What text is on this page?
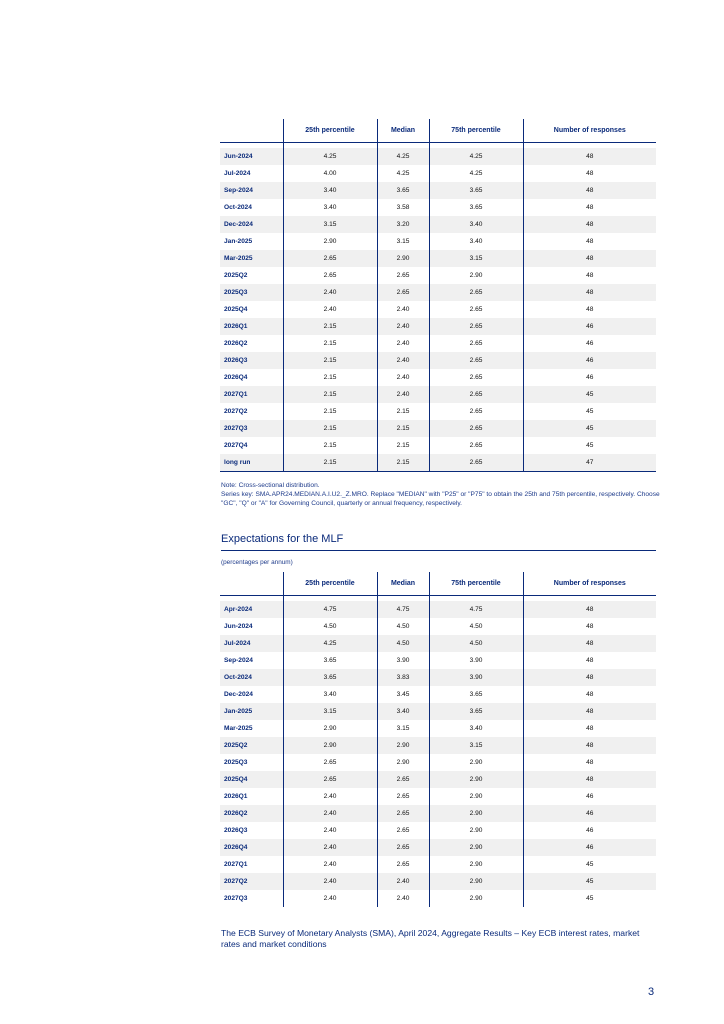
	25th percentile	Median	75th percentile	Number of responses

Jun-2024	4.25	4.25	4.25	48
Jul-2024	4.00	4.25	4.25	48
Sep-2024	3.40	3.65	3.65	48
Oct-2024	3.40	3.58	3.65	48
Dec-2024	3.15	3.20	3.40	48
Jan-2025	2.90	3.15	3.40	48
Mar-2025	2.65	2.90	3.15	48
2025Q2	2.65	2.65	2.90	48
2025Q3	2.40	2.65	2.65	48
2025Q4	2.40	2.40	2.65	48
2026Q1	2.15	2.40	2.65	46
2026Q2	2.15	2.40	2.65	46
2026Q3	2.15	2.40	2.65	46
2026Q4	2.15	2.40	2.65	46
2027Q1	2.15	2.40	2.65	45
2027Q2	2.15	2.15	2.65	45
2027Q3	2.15	2.15	2.65	45
2027Q4	2.15	2.15	2.65	45
long run	2.15	2.15	2.65	47
Note: Cross-sectional distribution.
Series key: SMA.APR24.MEDIAN.A.I.U2._Z.MRO. Replace "MEDIAN" with "P25" or "P75" to obtain the 25th and 75th percentile, respectively. Choose "GC", "Q" or "A" for Governing Council, quarterly or annual frequency, respectively.
Expectations for the MLF
(percentages per annum)
	25th percentile	Median	75th percentile	Number of responses

Apr-2024	4.75	4.75	4.75	48
Jun-2024	4.50	4.50	4.50	48
Jul-2024	4.25	4.50	4.50	48
Sep-2024	3.65	3.90	3.90	48
Oct-2024	3.65	3.83	3.90	48
Dec-2024	3.40	3.45	3.65	48
Jan-2025	3.15	3.40	3.65	48
Mar-2025	2.90	3.15	3.40	48
2025Q2	2.90	2.90	3.15	48
2025Q3	2.65	2.90	2.90	48
2025Q4	2.65	2.65	2.90	48
2026Q1	2.40	2.65	2.90	46
2026Q2	2.40	2.65	2.90	46
2026Q3	2.40	2.65	2.90	46
2026Q4	2.40	2.65	2.90	46
2027Q1	2.40	2.65	2.90	45
2027Q2	2.40	2.40	2.90	45
2027Q3	2.40	2.40	2.90	45
The ECB Survey of Monetary Analysts (SMA), April 2024, Aggregate Results – Key ECB interest rates, market rates and market conditions
3
